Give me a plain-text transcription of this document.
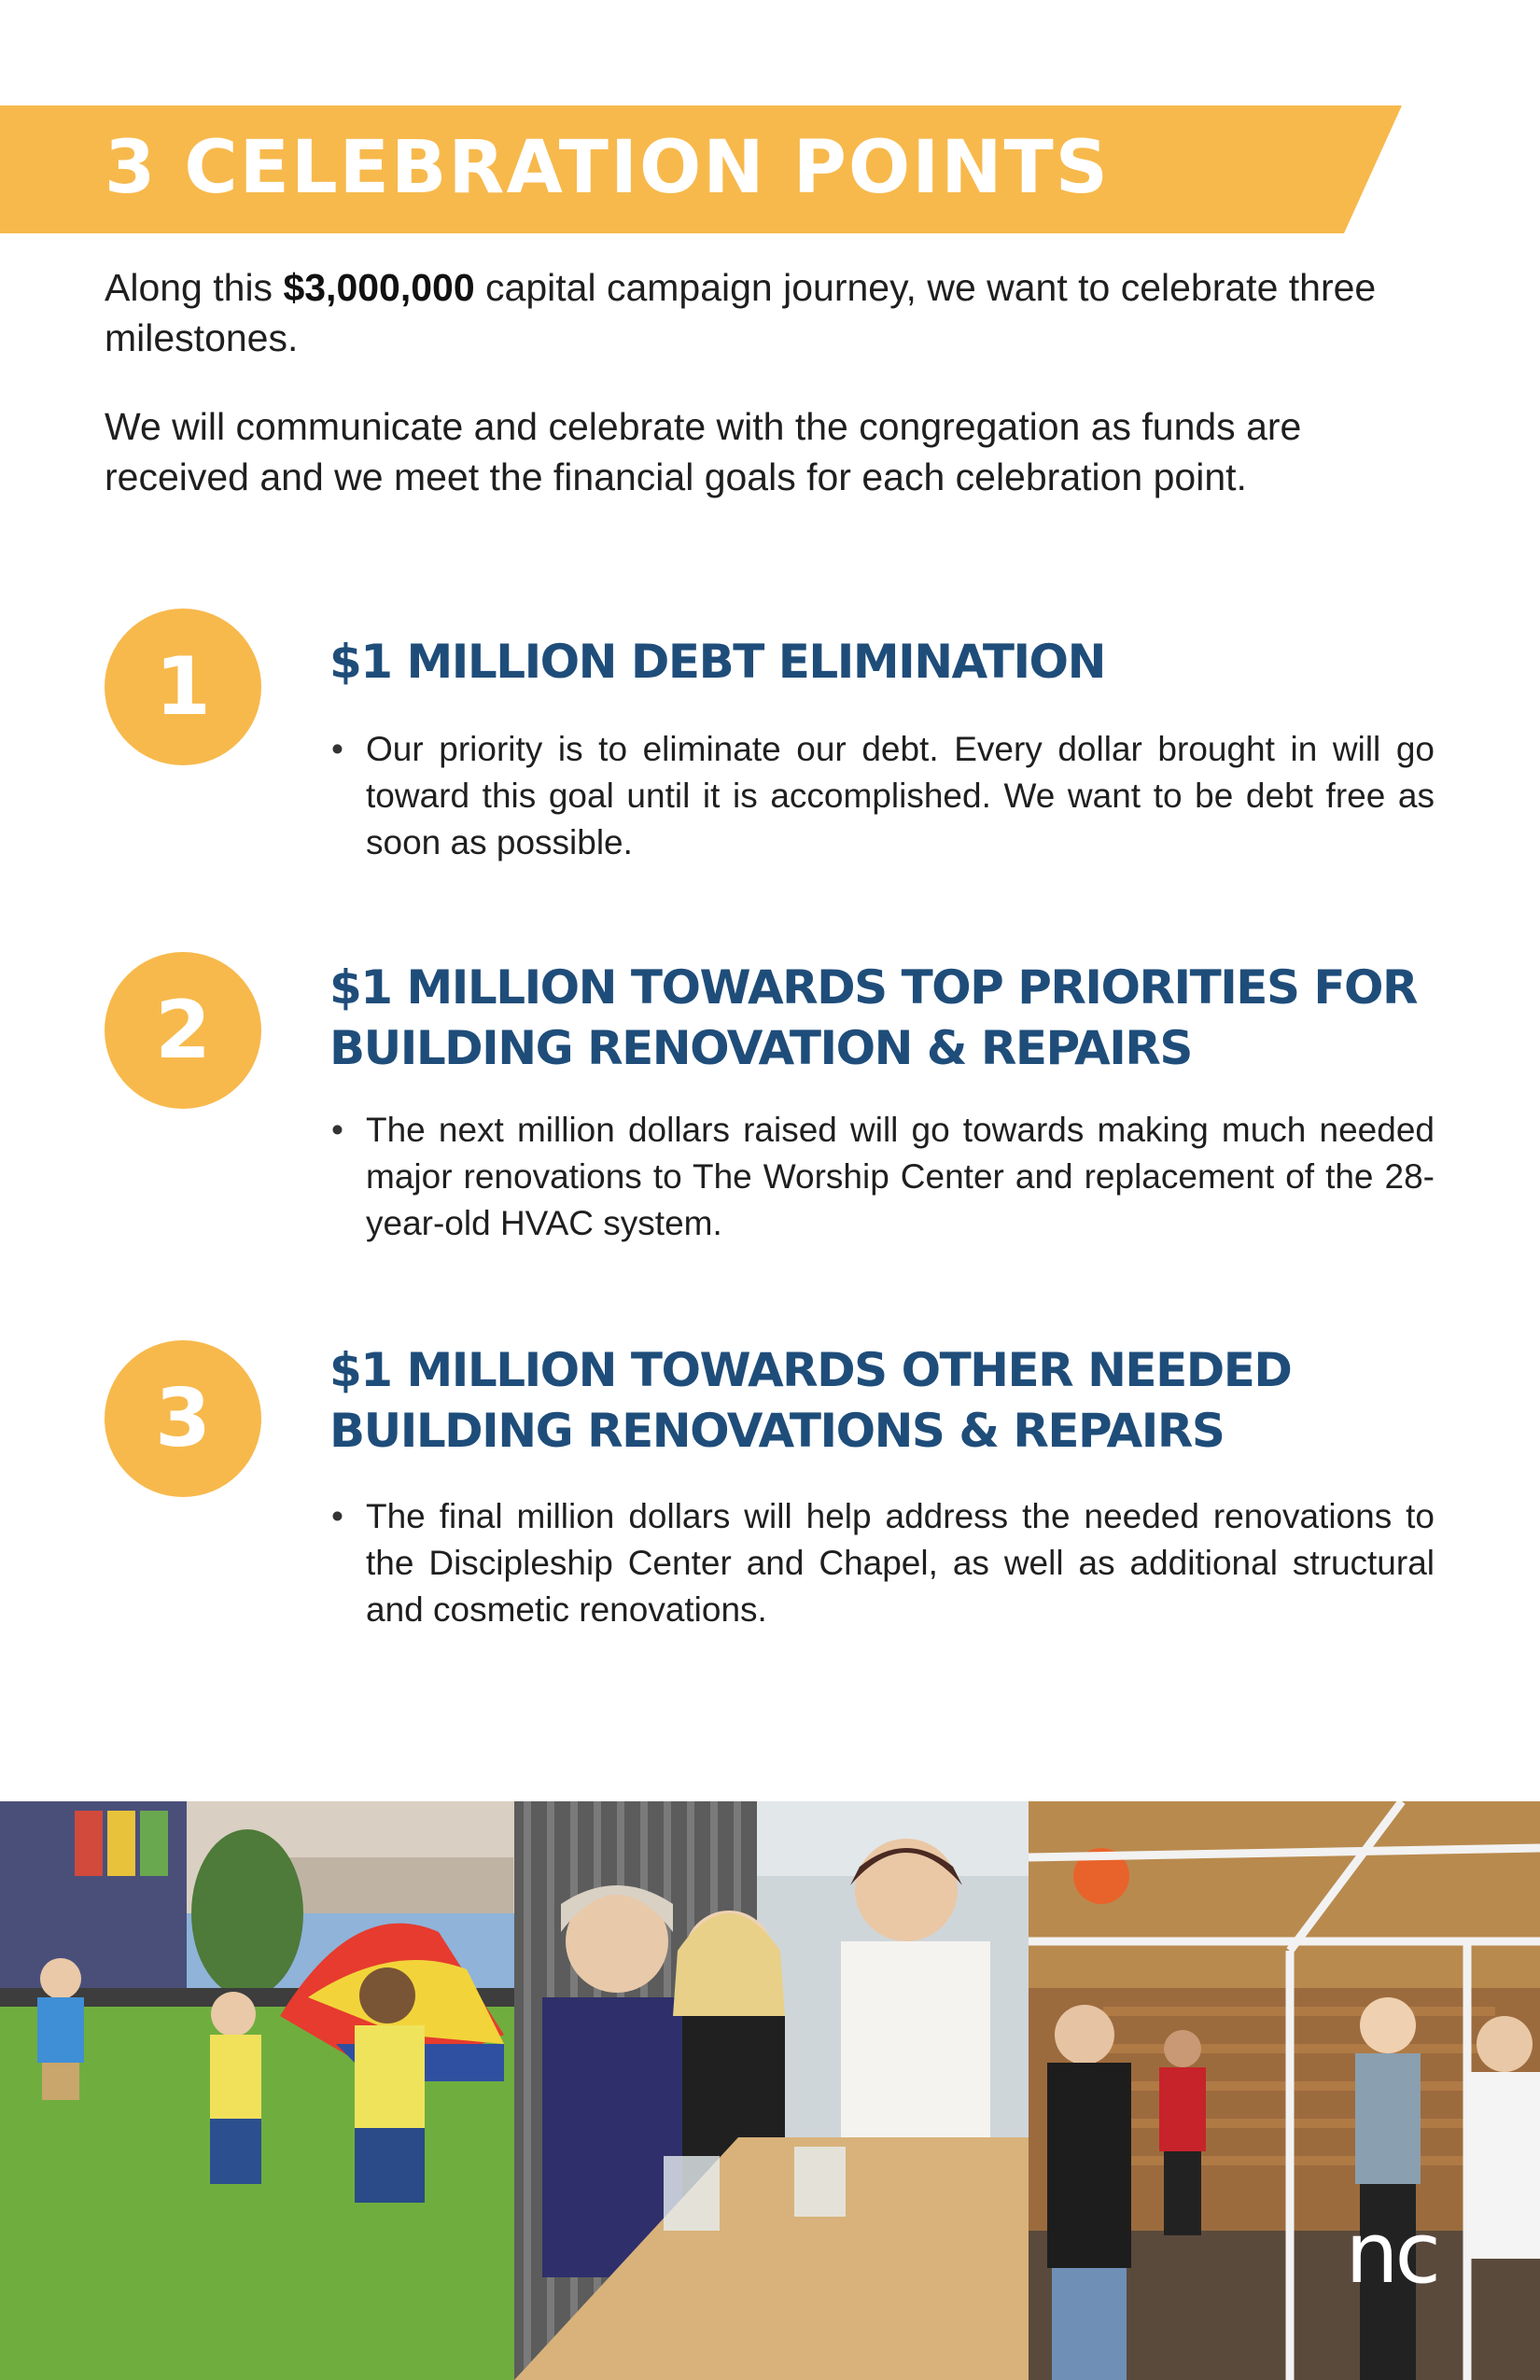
3 CELEBRATION POINTS

Along this $3,000,000 capital campaign journey, we want to celebrate three milestones.

We will communicate and celebrate with the congregation as funds are received and we meet the financial goals for each celebration point.

1	$1 MILLION DEBT ELIMINATION

• Our priority is to eliminate our debt. Every dollar brought in will go toward this goal until it is accomplished. We want to be debt free as soon as possible.

2	$1 MILLION TOWARDS TOP PRIORITIES FOR BUILDING RENOVATION & REPAIRS

• The next million dollars raised will go towards making much needed major renovations to The Worship Center and replacement of the 28-year-old HVAC system.

3
$1 MILLION TOWARDS OTHER NEEDED BUILDING RENOVATIONS & REPAIRS

• The final million dollars will help address the needed renovations to the Discipleship Center and Chapel, as well as additional structural and cosmetic renovations.

nc
